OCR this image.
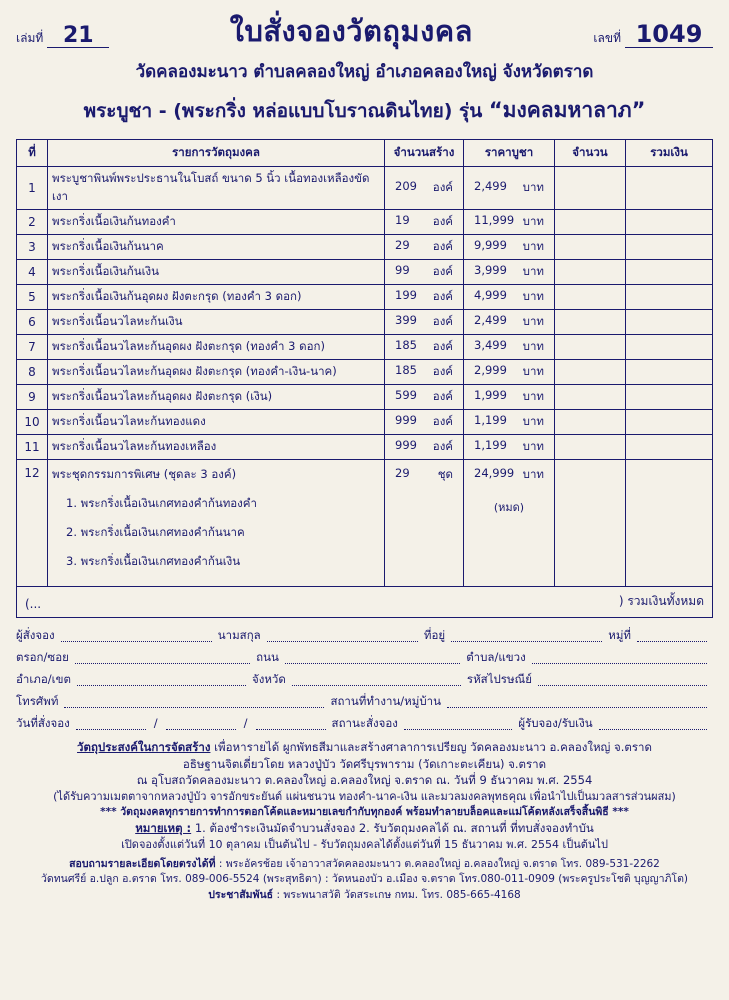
เล่มที่ 21	ใบสั่งจองวัตถุมงคล	เลขที่ 1049
วัดคลองมะนาว ตำบลคลองใหญ่ อำเภอคลองใหญ่ จังหวัดตราด
พระบูชา - (พระกริ่ง หล่อแบบโบราณดินไทย) รุ่น “มงคลมหาลาภ”
ที่	รายการวัตถุมงคล	จำนวนสร้าง	ราคาบูชา	จำนวน	รวมเงิน
1	พระบูชาพินพ์พระประธานในโบสถ์ ขนาด 5 นิ้ว เนื้อทองเหลืองขัดเงา	209 องค์	2,499 บาท		

2	พระกริ่งเนื้อเงินก้นทองคำ	19 องค์	11,999 บาท		

3	พระกริ่งเนื้อเงินก้นนาค	29 องค์	9,999 บาท		

4	พระกริ่งเนื้อเงินก้นเงิน	99 องค์	3,999 บาท		

5	พระกริ่งเนื้อเงินก้นอุดผง ฝังตะกรุด (ทองคำ 3 ดอก)	199 องค์	4,999 บาท		

6	พระกริ่งเนื้อนวไลหะก้นเงิน	399 องค์	2,499 บาท		

7	พระกริ่งเนื้อนวไลหะก้นอุดผง ฝังตะกรุด (ทองคำ 3 ดอก)	185 องค์	3,499 บาท		

8	พระกริ่งเนื้อนวไลหะก้นอุดผง ฝังตะกรุด (ทองคำ-เงิน-นาค)	185 องค์	2,999 บาท		

9	พระกริ่งเนื้อนวไลหะก้นอุดผง ฝังตะกรุด (เงิน)	599 องค์	1,999 บาท		

10	พระกริ่งเนื้อนวไลหะก้นทองแดง	999 องค์	1,199 บาท		

11	พระกริ่งเนื้อนวไลหะก้นทองเหลือง	999 องค์	1,199 บาท		

12	พระชุดกรรมการพิเศษ (ชุดละ 3 องค์)
1. พระกริ่งเนื้อเงินเกศทองคำก้นทองคำ
2. พระกริ่งเนื้อเงินเกศทองคำก้นนาค
3. พระกริ่งเนื้อเงินเกศทองคำก้นเงิน

29 ชุด	24,999 บาท
(หมด)

(...	) รวมเงินทั้งหมด
ผู้สั่งจอง	นามสกุล	ที่อยู่	หมู่ที่
ตรอก/ซอย	ถนน	ตำบล/แขวง
อำเภอ/เขต	จังหวัด	รหัสไปรษณีย์
โทรศัพท์	สถานที่ทำงาน/หมู่บ้าน
วันที่สั่งจอง	/	/	สถานะสั่งจอง	ผู้รับจอง/รับเงิน
วัตถุประสงค์ในการจัดสร้าง เพื่อหารายได้ ผูกพัทธสีมาและสร้างศาลาการเปรียญ วัดคลองมะนาว อ.คลองใหญ่ จ.ตราด
อธิษฐานจิตเดี่ยวโดย หลวงปู่บัว วัดศรีบุรพาราม (วัดเกาะตะเคียน) จ.ตราด
ณ อุโบสถวัดคลองมะนาว ต.คลองใหญ่ อ.คลองใหญ่ จ.ตราด ณ. วันที่ 9 ธันวาคม พ.ศ. 2554
(ได้รับความเมตตาจากหลวงปู่บัว จารอักขระยันต์ แผ่นชนวน ทองคำ-นาค-เงิน และมวลมงคลพุทธคุณ เพื่อนำไปเป็นมวลสารส่วนผสม)
*** วัตถุมงคลทุกรายการทำการตอกโค้ดและหมายเลขกำกับทุกองค์ พร้อมทำลายบล็อคและแม่โค้ดหลังเสร็จสิ้นพิธี ***
หมายเหตุ : 1. ต้องชำระเงินมัดจำบวนสั่งจอง 2. รับวัตถุมงคลได้ ณ. สถานที่ ที่ทบสั่งจองทำบัน
เปิดจองตั้งแต่วันที่ 10 ตุลาคม เป็นต้นไป - รับวัตถุมงคลได้ตั้งแต่วันที่ 15 ธันวาคม พ.ศ. 2554 เป็นต้นไป
สอบถามรายละเอียดโดยตรงได้ที่ : พระอัครช้อย เจ้าอาวาสวัดคลองมะนาว ต.คลองใหญ่ อ.คลองใหญ่ จ.ตราด โทร. 089-531-2262
วัดทนศรีย์ อ.ปลูก อ.ตราด โทร. 089-006-5524 (พระสุทธิตา) : วัดหนองบัว อ.เมือง จ.ตราด โทร.080-011-0909 (พระครูประโชติ บุญญาภิโต)
ประชาสัมพันธ์ : พระพนาสวัติ วัดสระเกษ กทม. โทร. 085-665-4168
